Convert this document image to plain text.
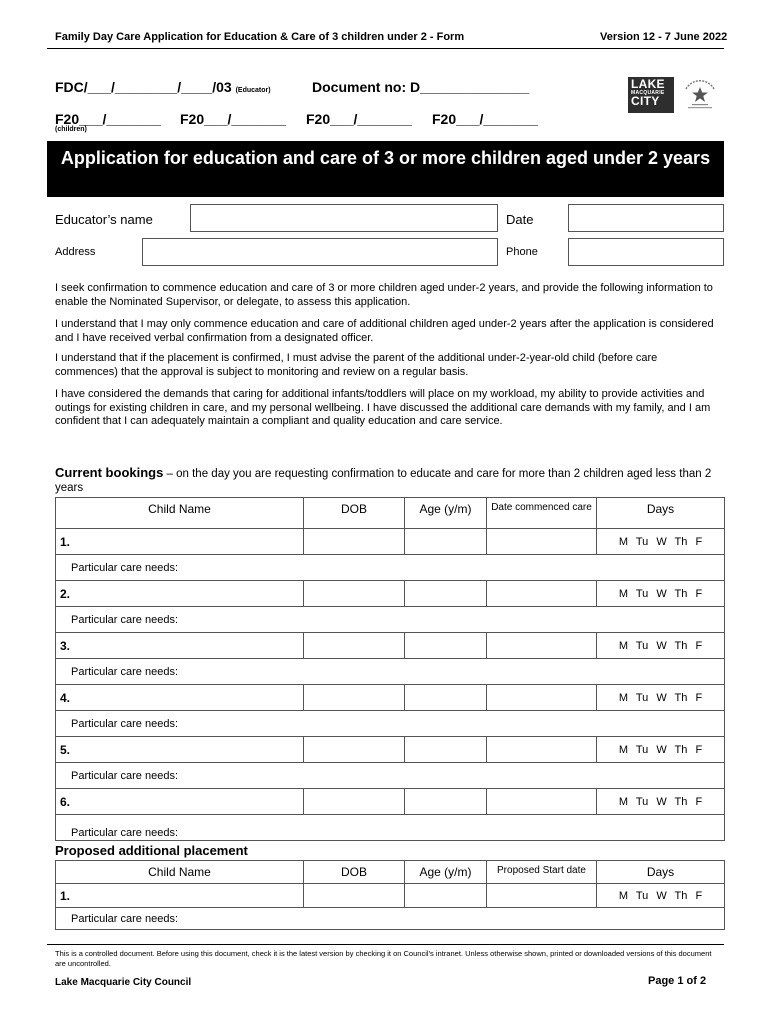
Family Day Care Application for Education & Care of 3 children under 2 - Form	Version 12 - 7 June 2022
FDC/___/________/____/03 (Educator)	Document no: D______________
F20___/_______ F20___/_______ F20___/_______ F20___/_______
(children)
LAKE
MACQUARIE
CITY
Application for education and care of 3 or more children aged under 2 years
Educator’s name	Date
Address	Phone
I seek confirmation to commence education and care of 3 or more children aged under-2 years, and provide the following information to enable the Nominated Supervisor, or delegate, to assess this application.
I understand that I may only commence education and care of additional children aged under-2 years after the application is considered and I have received verbal confirmation from a designated officer.
I understand that if the placement is confirmed, I must advise the parent of the additional under-2-year-old child (before care commences) that the approval is subject to monitoring and review on a regular basis.
I have considered the demands that caring for additional infants/toddlers will place on my workload, my ability to provide activities and outings for existing children in care, and my personal wellbeing. I have discussed the additional care demands with my family, and I am confident that I can adequately maintain a compliant and quality education and care service.
Current bookings – on the day you are requesting confirmation to educate and care for more than 2 children aged less than 2 years
Child Name	DOB	Age (y/m)	Date commenced care	Days
1.				M Tu W Th F
Particular care needs:				
2.				M Tu W Th F
Particular care needs:				
3.				M Tu W Th F
Particular care needs:				
4.				M Tu W Th F
Particular care needs:				
5.				M Tu W Th F
Particular care needs:				
6.				M Tu W Th F
Particular care needs:				
Proposed additional placement
Child Name	DOB	Age (y/m)	Proposed Start date	Days
1.				M Tu W Th F
Particular care needs:				
This is a controlled document. Before using this document, check it is the latest version by checking it on Council’s intranet. Unless otherwise shown, printed or downloaded versions of this document are uncontrolled.
Lake Macquarie City Council	Page 1 of 2
